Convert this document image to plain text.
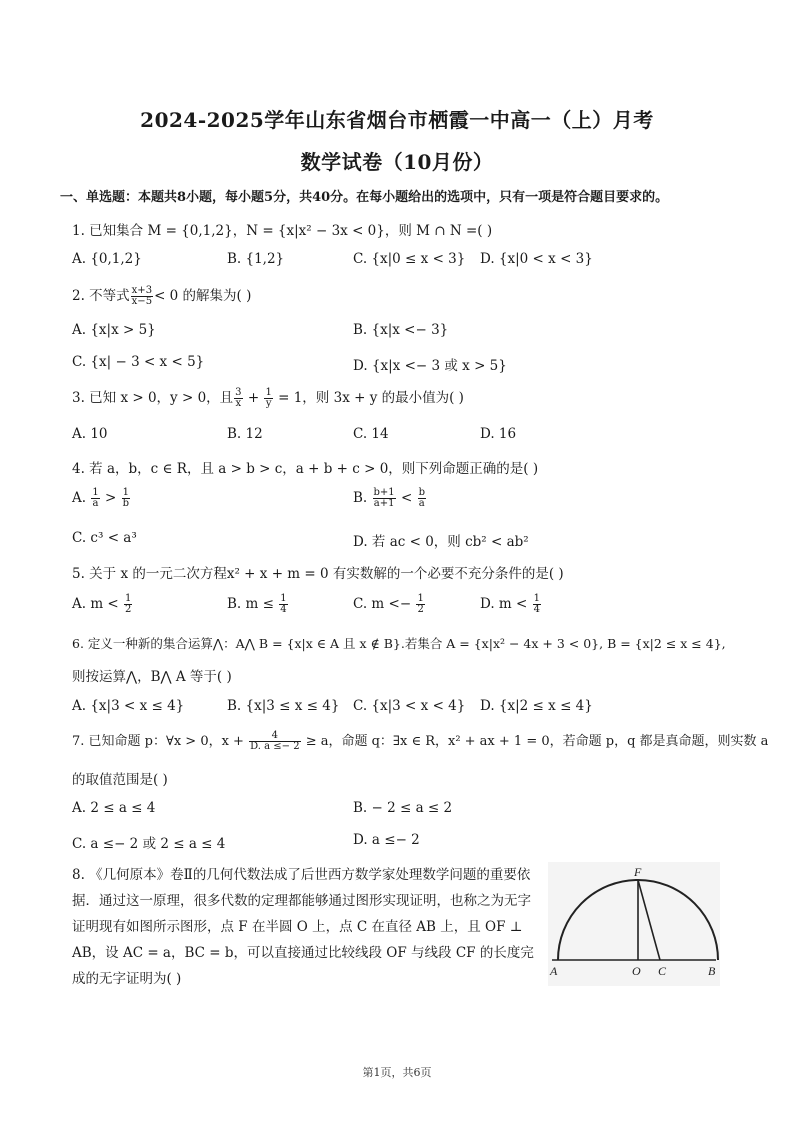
2024-2025学年山东省烟台市栖霞一中高一（上）月考
数学试卷（10月份）
一、单选题：本题共8小题，每小题5分，共40分。在每小题给出的选项中，只有一项是符合题目要求的。
1. 已知集合 M = {0,1,2}，N = {x|x² − 3x < 0}，则 M ∩ N =( )
A. {0,1,2}	B. {1,2}	C. {x|0 ≤ x < 3} D. {x|0 < x < 3}
2. 不等式 $\frac{x+3}{x-5} < 0$ 的解集为( )
A. {x|x > 5}	B. {x|x <− 3}
C. {x| − 3 < x < 5}	D. {x|x <− 3 或 x > 5}
3. 已知 x > 0，y > 0，且 $\frac{3}{x} + \frac{1}{y} = 1$，则 3x + y 的最小值为( )
A. 10	B. 12	C. 14	D. 16
4. 若 a，b，c ∈ R，且 a > b > c，a + b + c > 0，则下列命题正确的是( )
A. $\frac{1}{a} > \frac{1}{b}$	B. $\frac{b+1}{a+1} < \frac{b}{a}$
C. c³ < a³	D. 若 ac < 0，则 cb² < ab²
5. 关于 x 的一元二次方程x² + x + m = 0 有实数解的一个必要不充分条件的是( )
A. $m < \frac{1}{2}$	B. $m \le \frac{1}{4}$	C. $m <- \frac{1}{2}$	D. $m < \frac{1}{4}$
6. 定义一种新的集合运算⋀：A⋀ B = {x|x ∈ A 且 x ∉ B}.若集合 A = {x|x² − 4x + 3 < 0}, B = {x|2 ≤ x ≤ 4},
则按运算⋀，B⋀ A 等于( )
A. {x|3 < x ≤ 4}	B. {x|3 ≤ x ≤ 4} C. {x|3 < x < 4} D. {x|2 ≤ x ≤ 4}
7. 已知命题 p：∀x > 0，$x + \frac{4}{D. a \le- 2} \ge a$，命题 q：∃x ∈ R，x² + ax + 1 = 0，若命题 p，q 都是真命题，则实数 a
的取值范围是( )
A. 2 ≤ a ≤ 4	B. − 2 ≤ a ≤ 2
C. a ≤− 2 或 2 ≤ a ≤ 4	D. a ≤− 2
8. 《几何原本》卷Ⅱ的几何代数法成了后世西方数学家处理数学问题的重要依据．通过这一原理，很多代数的定理都能够通过图形实现证明，也称之为无字证明现有如图所示图形，点 F 在半圆 O 上，点 C 在直径 AB 上，且 OF ⊥ AB，设 AC = a，BC = b，可以直接通过比较线段 OF 与线段 CF 的长度完成的无字证明为( )	A	O C	B
F
第1页，共6页
